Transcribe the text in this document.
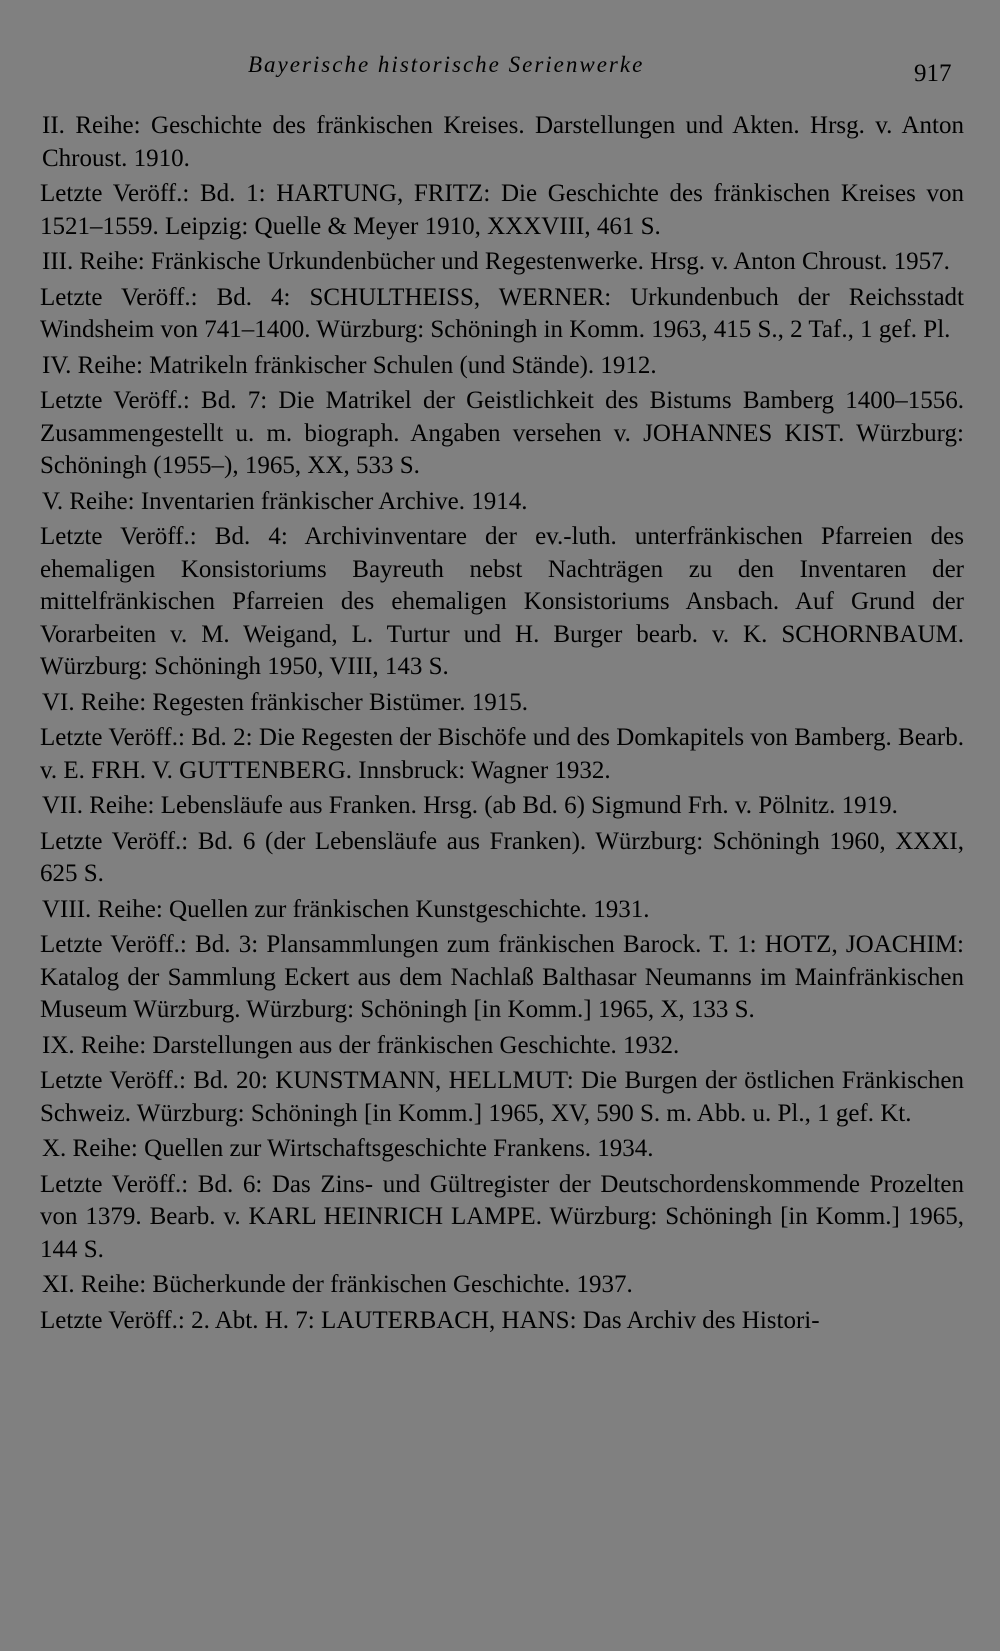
Bayerische historische Serienwerke	917

II. Reihe: Geschichte des fränkischen Kreises. Darstellungen und Akten. Hrsg. v. Anton Chroust. 1910.

Letzte Veröff.: Bd. 1: HARTUNG, FRITZ: Die Geschichte des fränkischen Kreises von 1521–1559. Leipzig: Quelle & Meyer 1910, XXXVIII, 461 S.

III. Reihe: Fränkische Urkundenbücher und Regestenwerke. Hrsg. v. Anton Chroust. 1957.

Letzte Veröff.: Bd. 4: SCHULTHEISS, WERNER: Urkundenbuch der Reichsstadt Windsheim von 741–1400. Würzburg: Schöningh in Komm. 1963, 415 S., 2 Taf., 1 gef. Pl.

IV. Reihe: Matrikeln fränkischer Schulen (und Stände). 1912.

Letzte Veröff.: Bd. 7: Die Matrikel der Geistlichkeit des Bistums Bamberg 1400–1556. Zusammengestellt u. m. biograph. Angaben versehen v. JOHANNES KIST. Würzburg: Schöningh (1955–), 1965, XX, 533 S.

V. Reihe: Inventarien fränkischer Archive. 1914.

Letzte Veröff.: Bd. 4: Archivinventare der ev.-luth. unterfränkischen Pfarreien des ehemaligen Konsistoriums Bayreuth nebst Nachträgen zu den Inventaren der mittelfränkischen Pfarreien des ehemaligen Konsistoriums Ansbach. Auf Grund der Vorarbeiten v. M. Weigand, L. Turtur und H. Burger bearb. v. K. SCHORNBAUM. Würzburg: Schöningh 1950, VIII, 143 S.

VI. Reihe: Regesten fränkischer Bistümer. 1915.

Letzte Veröff.: Bd. 2: Die Regesten der Bischöfe und des Domkapitels von Bamberg. Bearb. v. E. FRH. V. GUTTENBERG. Innsbruck: Wagner 1932.

VII. Reihe: Lebensläufe aus Franken. Hrsg. (ab Bd. 6) Sigmund Frh. v. Pölnitz. 1919.

Letzte Veröff.: Bd. 6 (der Lebensläufe aus Franken). Würzburg: Schöningh 1960, XXXI, 625 S.

VIII. Reihe: Quellen zur fränkischen Kunstgeschichte. 1931.

Letzte Veröff.: Bd. 3: Plansammlungen zum fränkischen Barock. T. 1: HOTZ, JOACHIM: Katalog der Sammlung Eckert aus dem Nachlaß Balthasar Neumanns im Mainfränkischen Museum Würzburg. Würzburg: Schöningh [in Komm.] 1965, X, 133 S.

IX. Reihe: Darstellungen aus der fränkischen Geschichte. 1932.

Letzte Veröff.: Bd. 20: KUNSTMANN, HELLMUT: Die Burgen der östlichen Fränkischen Schweiz. Würzburg: Schöningh [in Komm.] 1965, XV, 590 S. m. Abb. u. Pl., 1 gef. Kt.

X. Reihe: Quellen zur Wirtschaftsgeschichte Frankens. 1934.

Letzte Veröff.: Bd. 6: Das Zins- und Gültregister der Deutschordenskommende Prozelten von 1379. Bearb. v. KARL HEINRICH LAMPE. Würzburg: Schöningh [in Komm.] 1965, 144 S.

XI. Reihe: Bücherkunde der fränkischen Geschichte. 1937.

Letzte Veröff.: 2. Abt. H. 7: LAUTERBACH, HANS: Das Archiv des Histori-
